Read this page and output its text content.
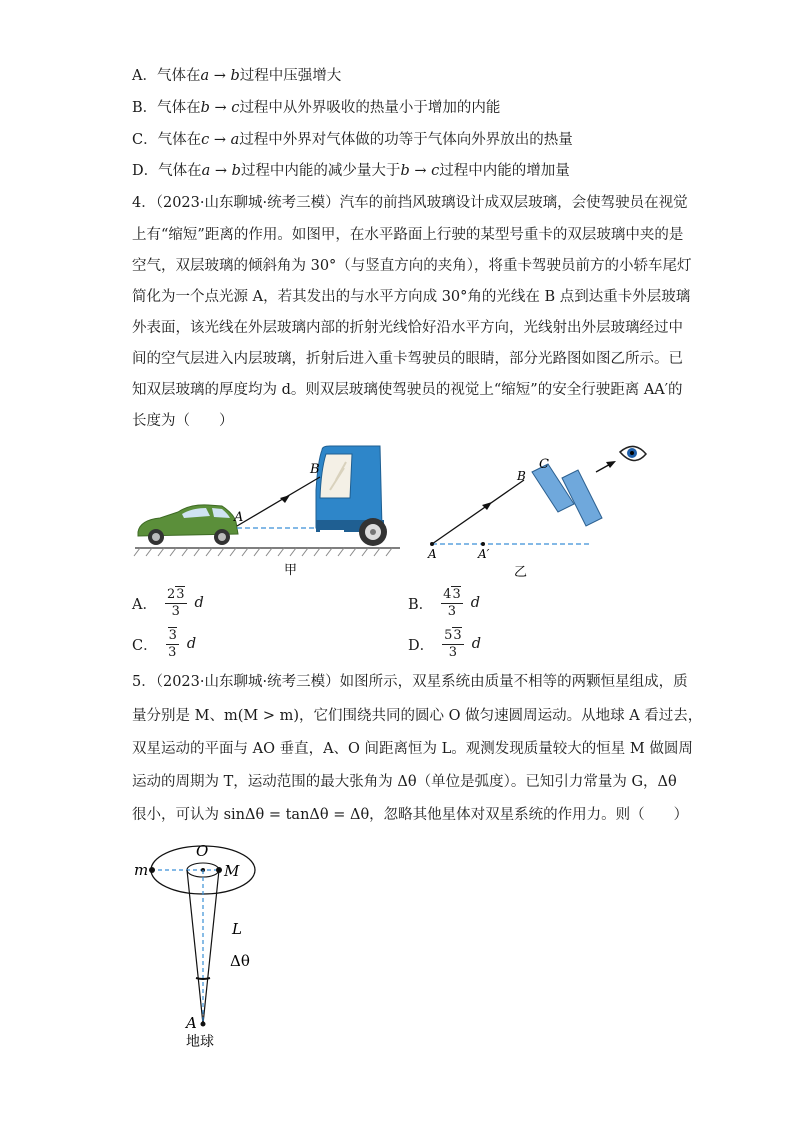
A．气体在a → b过程中压强增大
B．气体在b → c过程中从外界吸收的热量小于增加的内能
C．气体在c → a过程中外界对气体做的功等于气体向外界放出的热量
D．气体在a → b过程中内能的减少量大于b → c过程中内能的增加量
4．（2023·山东聊城·统考三模）汽车的前挡风玻璃设计成双层玻璃，会使驾驶员在视觉
上有“缩短”距离的作用。如图甲，在水平路面上行驶的某型号重卡的双层玻璃中夹的是
空气，双层玻璃的倾斜角为 30°（与竖直方向的夹角），将重卡驾驶员前方的小轿车尾灯
简化为一个点光源 A，若其发出的与水平方向成 30°角的光线在 B 点到达重卡外层玻璃
外表面，该光线在外层玻璃内部的折射光线恰好沿水平方向，光线射出外层玻璃经过中
间的空气层进入内层玻璃，折射后进入重卡驾驶员的眼睛，部分光路图如图乙所示。已
知双层玻璃的厚度均为 d。则双层玻璃使驾驶员的视觉上“缩短”的安全行驶距离 AA′的
长度为（　　）
A
B
甲
A	A′
B
C
乙
A． $\frac{23}{3}$ d	B． $\frac{43}{3}$ d
C． $\frac{3}{3}$ d	D． $\frac{53}{3}$ d
5．（2023·山东聊城·统考三模）如图所示，双星系统由质量不相等的两颗恒星组成，质
量分别是 M、m(M > m)，它们围绕共同的圆心 O 做匀速圆周运动。从地球 A 看过去，
双星运动的平面与 AO 垂直，A、O 间距离恒为 L。观测发现质量较大的恒星 M 做圆周
运动的周期为 T，运动范围的最大张角为 Δθ（单位是弧度）。已知引力常量为 G，Δθ
很小，可认为 sinΔθ = tanΔθ = Δθ，忽略其他星体对双星系统的作用力。则（　　）
m
O
M
L
Δθ
A
地球
